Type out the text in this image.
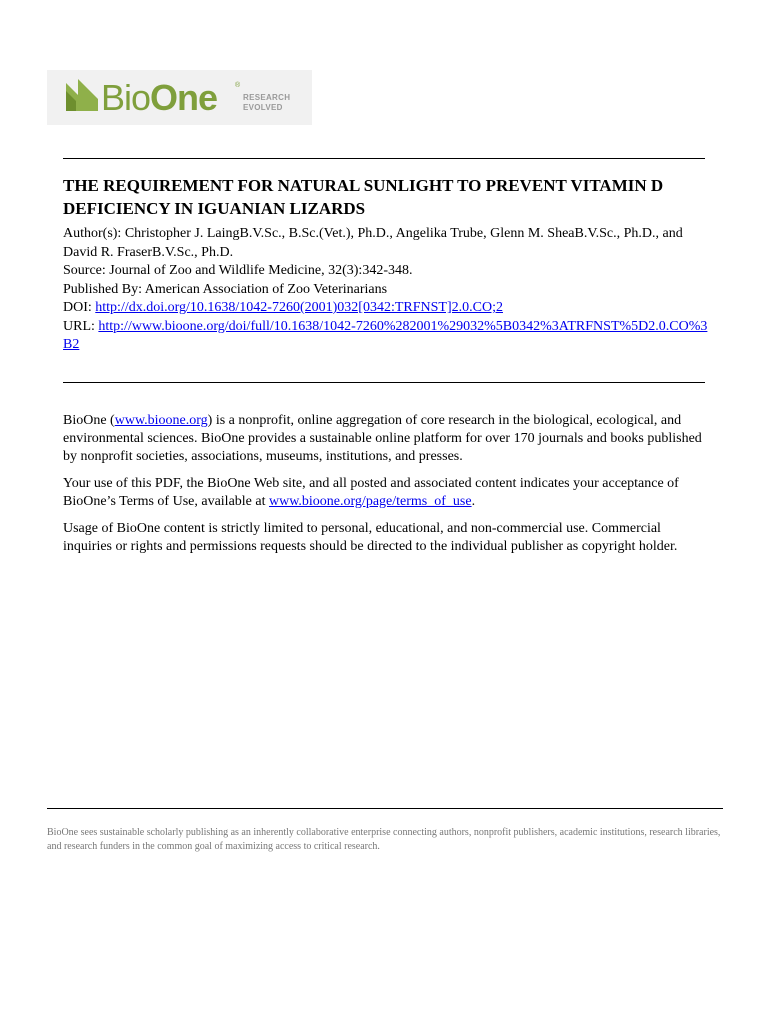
BioOne	®
RESEARCH
EVOLVED
THE REQUIREMENT FOR NATURAL SUNLIGHT TO PREVENT VITAMIN D DEFICIENCY IN IGUANIAN LIZARDS
Author(s): Christopher J. LaingB.V.Sc., B.Sc.(Vet.), Ph.D., Angelika Trube, Glenn M. SheaB.V.Sc., Ph.D., and David R. FraserB.V.Sc., Ph.D.
Source: Journal of Zoo and Wildlife Medicine, 32(3):342-348.
Published By: American Association of Zoo Veterinarians
DOI: http://dx.doi.org/10.1638/1042-7260(2001)032[0342:TRFNST]2.0.CO;2
URL: http://www.bioone.org/doi/full/10.1638/1042-7260%282001%29032%5B0342%3ATRFNST%5D2.0.CO%3B2

BioOne (www.bioone.org) is a nonprofit, online aggregation of core research in the biological, ecological, and environmental sciences. BioOne provides a sustainable online platform for over 170 journals and books published by nonprofit societies, associations, museums, institutions, and presses.

Your use of this PDF, the BioOne Web site, and all posted and associated content indicates your acceptance of BioOne’s Terms of Use, available at www.bioone.org/page/terms_of_use.

Usage of BioOne content is strictly limited to personal, educational, and non-commercial use. Commercial inquiries or rights and permissions requests should be directed to the individual publisher as copyright holder.

BioOne sees sustainable scholarly publishing as an inherently collaborative enterprise connecting authors, nonprofit publishers, academic institutions, research libraries, and research funders in the common goal of maximizing access to critical research.
